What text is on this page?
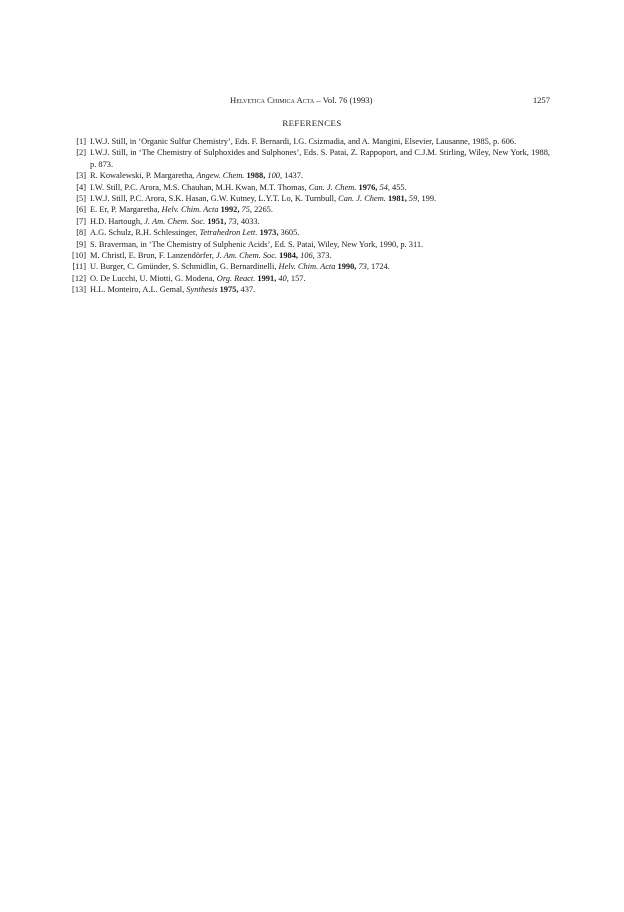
Helvetica Chimica Acta – Vol. 76 (1993)	1257
REFERENCES
[1] I.W.J. Still, in ‘Organic Sulfur Chemistry’, Eds. F. Bernardi, I.G. Csizmadia, and A. Mangini, Elsevier, Lausanne, 1985, p. 606.
[2] I.W.J. Still, in ‘The Chemistry of Sulphoxides and Sulphones’, Eds. S. Patai, Z. Rappoport, and C.J.M. Stirling, Wiley, New York, 1988, p. 873.
[3] R. Kowalewski, P. Margaretha, Angew. Chem. 1988, 100, 1437.
[4] I.W. Still, P.C. Arora, M.S. Chauhan, M.H. Kwan, M.T. Thomas, Can. J. Chem. 1976, 54, 455.
[5] I.W.J. Still, P.C. Arora, S.K. Hasan, G.W. Kutney, L.Y.T. Lo, K. Turnbull, Can. J. Chem. 1981, 59, 199.
[6] E. Er, P. Margaretha, Helv. Chim. Acta 1992, 75, 2265.
[7] H.D. Hartough, J. Am. Chem. Soc. 1951, 73, 4033.
[8] A.G. Schulz, R.H. Schlessinger, Tetrahedron Lett. 1973, 3605.
[9] S. Braverman, in ‘The Chemistry of Sulphenic Acids’, Ed. S. Patai, Wiley, New York, 1990, p. 311.
[10] M. Christl, E. Brun, F. Lanzendörfer, J. Am. Chem. Soc. 1984, 106, 373.
[11] U. Burger, C. Gmünder, S. Schmidlin, G. Bernardinelli, Helv. Chim. Acta 1990, 73, 1724.
[12] O. De Lucchi, U. Miotti, G. Modena, Org. React. 1991, 40, 157.
[13] H.L. Monteiro, A.L. Gemal, Synthesis 1975, 437.
